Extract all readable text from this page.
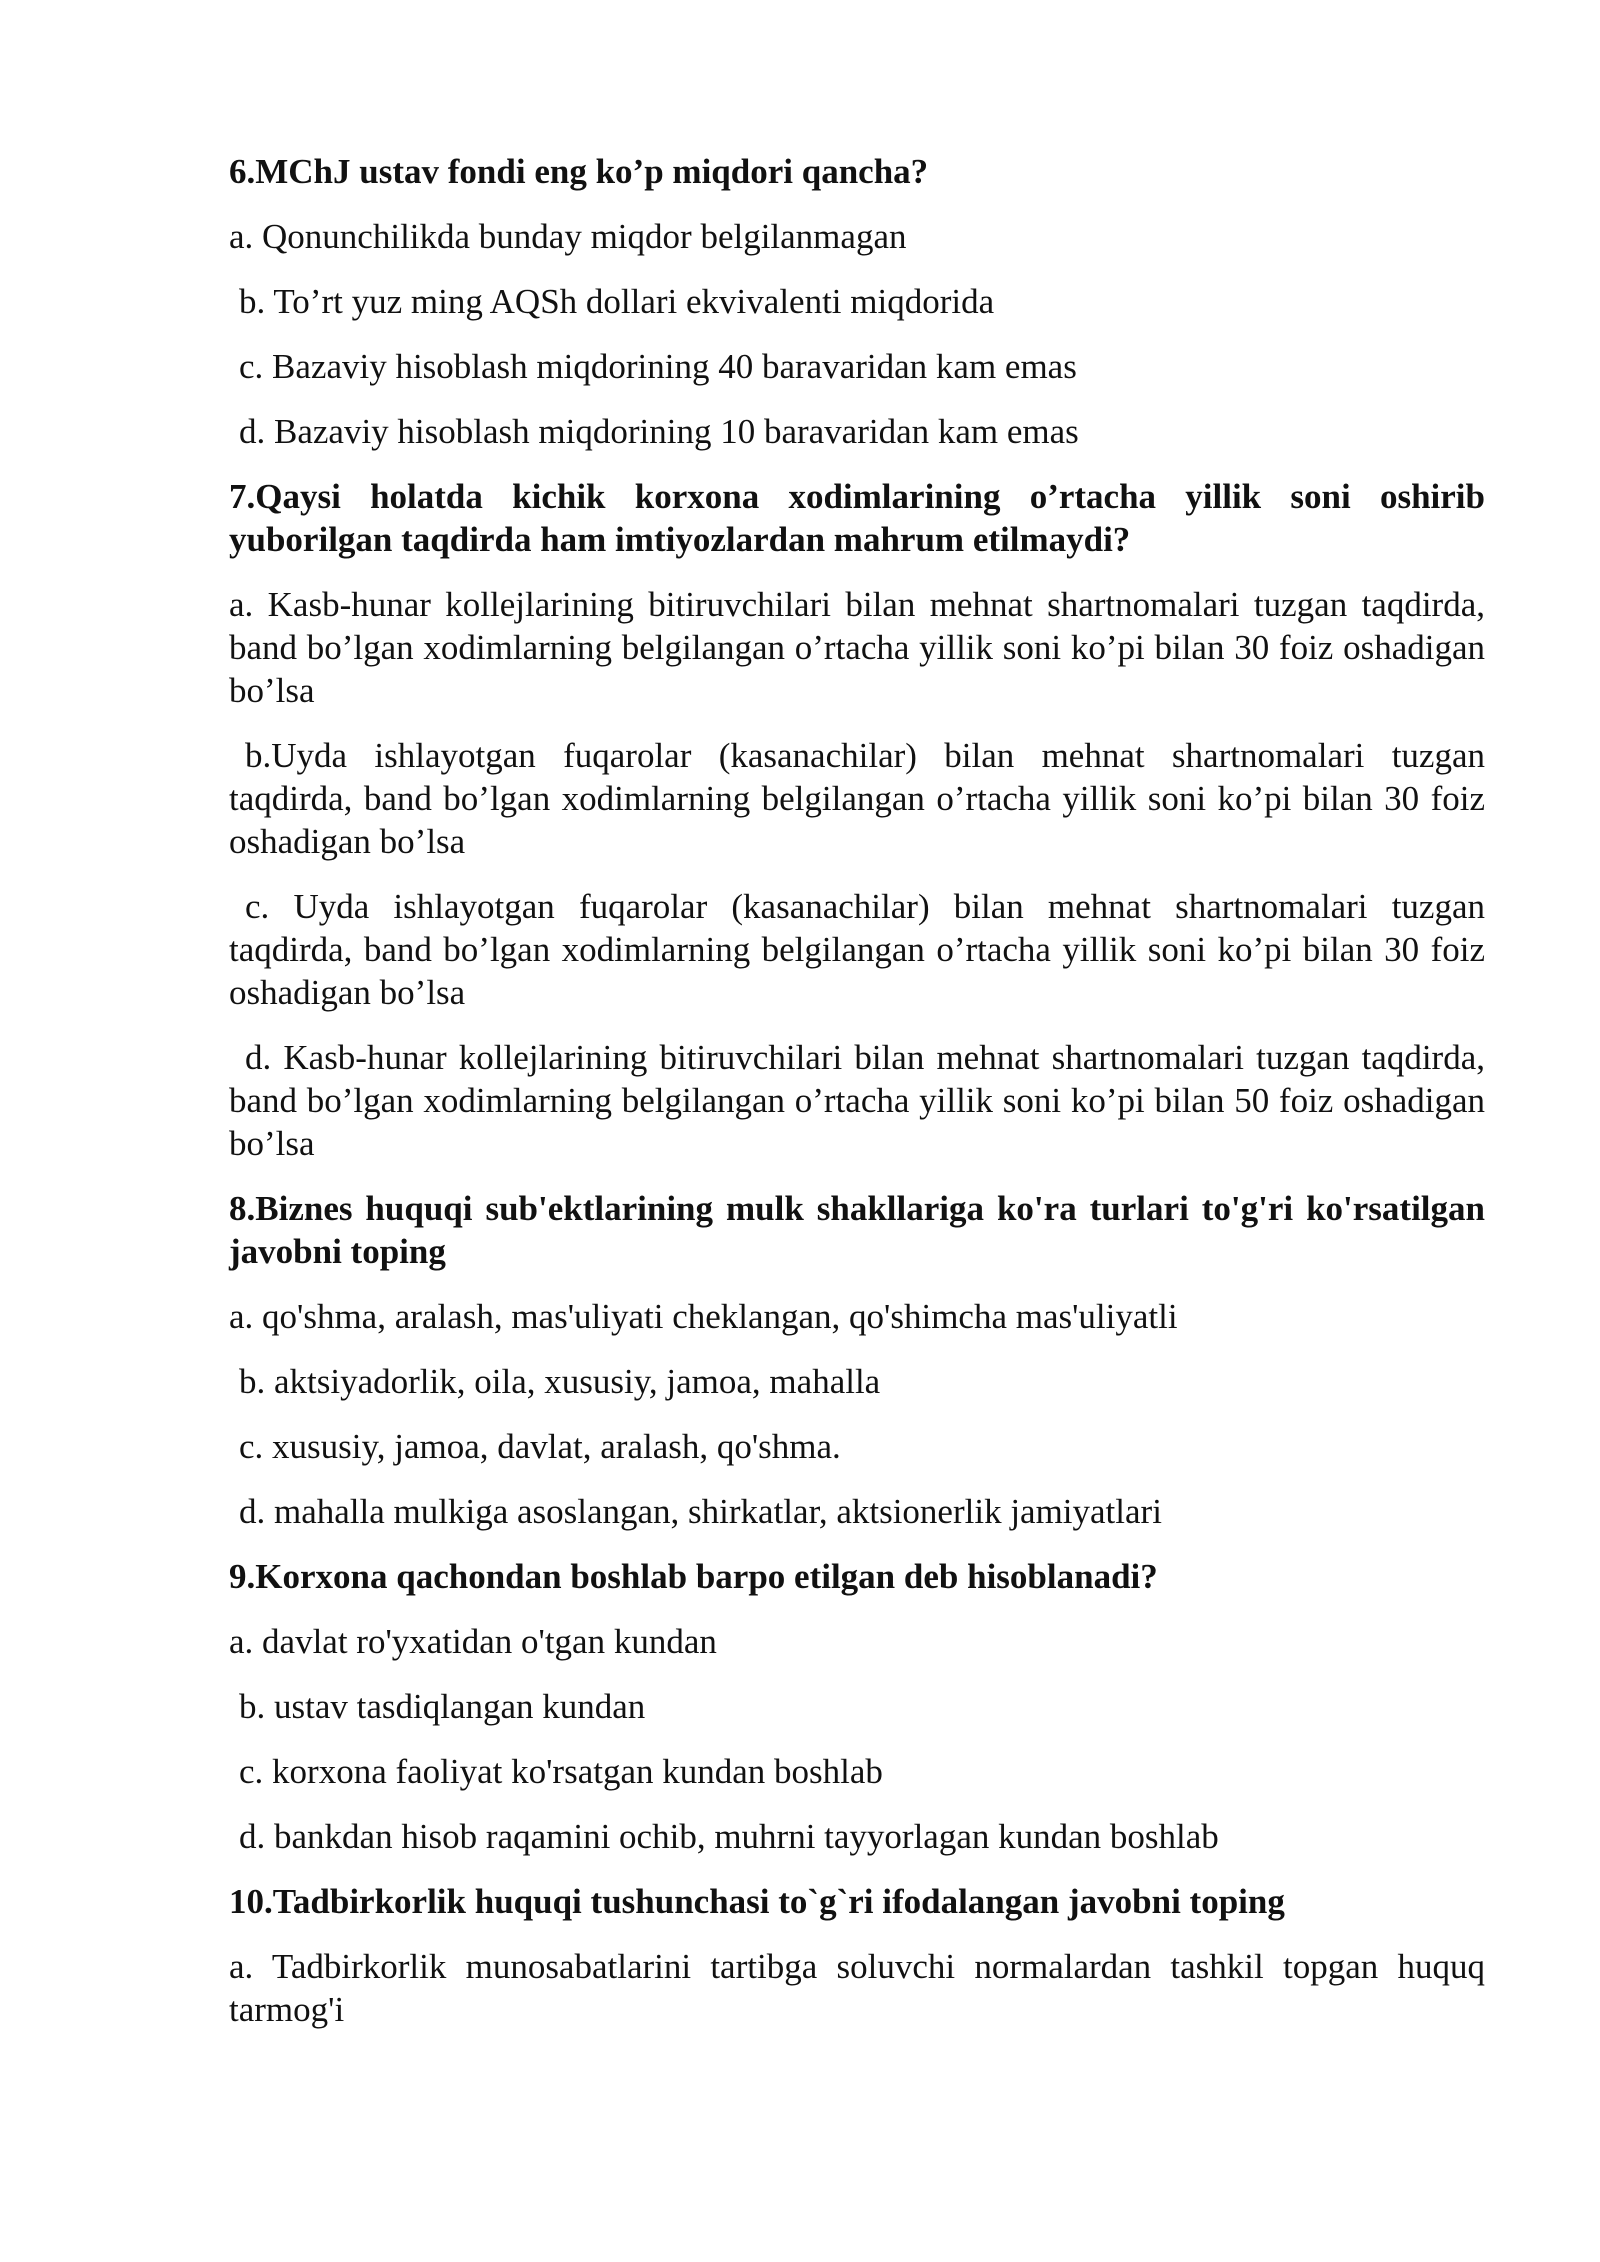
6.MChJ ustav fondi eng ko’p miqdori qancha?

a. Qonunchilikda bunday miqdor belgilanmagan

b. To’rt yuz ming AQSh dollari ekvivalenti miqdorida

c. Bazaviy hisoblash miqdorining 40 baravaridan kam emas

d. Bazaviy hisoblash miqdorining 10 baravaridan kam emas

7.Qaysi holatda kichik korxona xodimlarining o’rtacha yillik soni oshirib yuborilgan taqdirda ham imtiyozlardan mahrum etilmaydi?

a. Kasb-hunar kollejlarining bitiruvchilari bilan mehnat shartnomalari tuzgan taqdirda, band bo’lgan xodimlarning belgilangan o’rtacha yillik soni ko’pi bilan 30 foiz oshadigan bo’lsa

b.Uyda ishlayotgan fuqarolar (kasanachilar) bilan mehnat shartnomalari tuzgan taqdirda, band bo’lgan xodimlarning belgilangan o’rtacha yillik soni ko’pi bilan 30 foiz oshadigan bo’lsa

c. Uyda ishlayotgan fuqarolar (kasanachilar) bilan mehnat shartnomalari tuzgan taqdirda, band bo’lgan xodimlarning belgilangan o’rtacha yillik soni ko’pi bilan 30 foiz oshadigan bo’lsa

d. Kasb-hunar kollejlarining bitiruvchilari bilan mehnat shartnomalari tuzgan taqdirda, band bo’lgan xodimlarning belgilangan o’rtacha yillik soni ko’pi bilan 50 foiz oshadigan bo’lsa

8.Biznes huquqi sub'ektlarining mulk shakllariga ko'ra turlari to'g'ri ko'rsatilgan javobni toping

a. qo'shma, aralash, mas'uliyati cheklangan, qo'shimcha mas'uliyatli

b. aktsiyadorlik, oila, xususiy, jamoa, mahalla

c. xususiy, jamoa, davlat, aralash, qo'shma.

d. mahalla mulkiga asoslangan, shirkatlar, aktsionerlik jamiyatlari

9.Korxona qachondan boshlab barpo etilgan deb hisoblanadi?

a. davlat ro'yxatidan o'tgan kundan

b. ustav tasdiqlangan kundan

c. korxona faoliyat ko'rsatgan kundan boshlab

d. bankdan hisob raqamini ochib, muhrni tayyorlagan kundan boshlab

10.Tadbirkorlik huquqi tushunchasi to`g`ri ifodalangan javobni toping

a. Tadbirkorlik munosabatlarini tartibga soluvchi normalardan tashkil topgan huquq tarmog'i
